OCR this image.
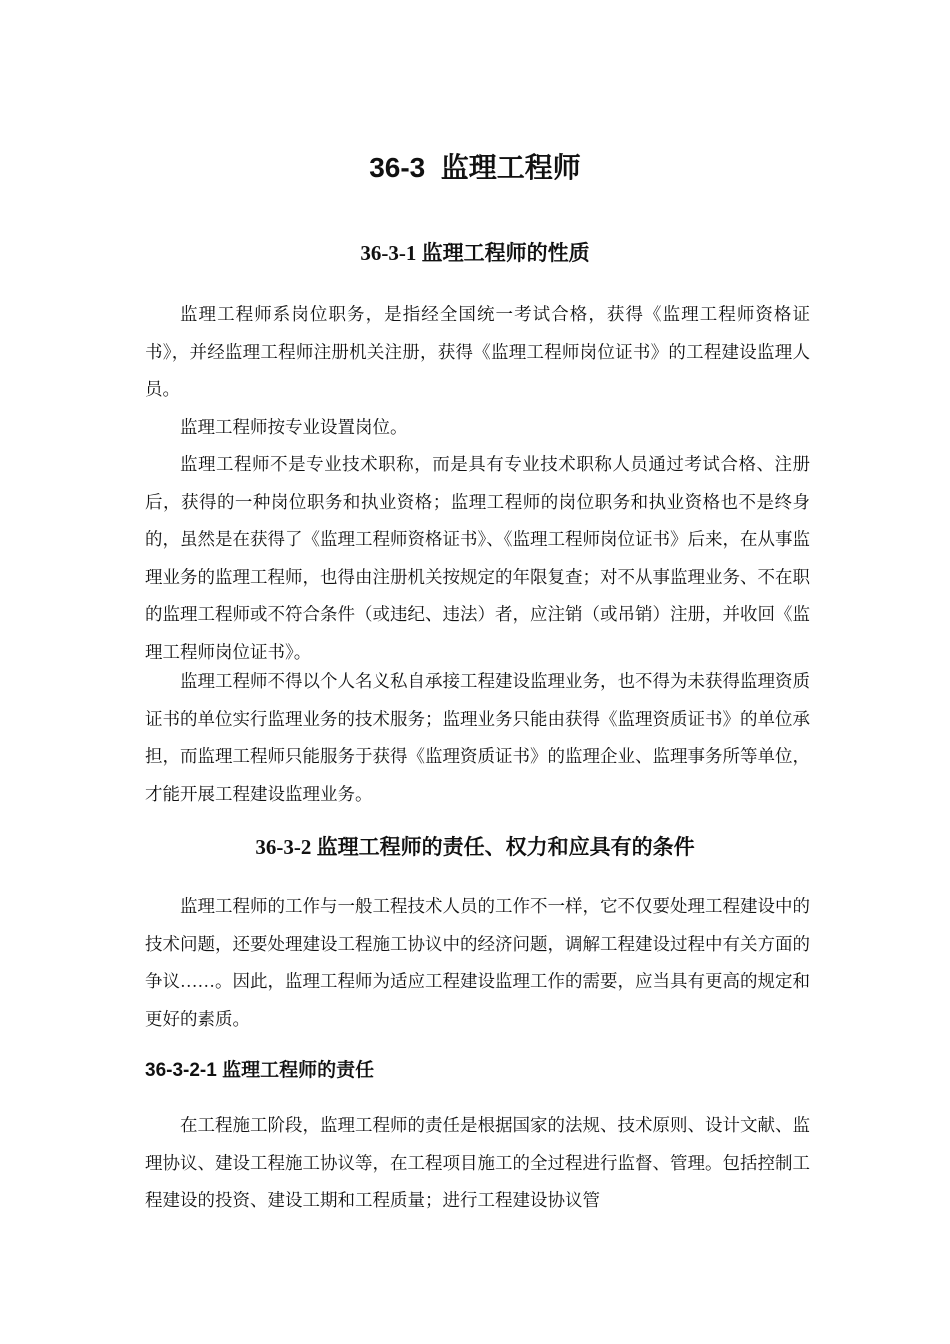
36-3  监理工程师
36-3-1 监理工程师的性质

监理工程师系岗位职务，是指经全国统一考试合格，获得《监理工程师资格证书》，并经监理工程师注册机关注册，获得《监理工程师岗位证书》的工程建设监理人员。

监理工程师按专业设置岗位。

监理工程师不是专业技术职称，而是具有专业技术职称人员通过考试合格、注册后，获得的一种岗位职务和执业资格；监理工程师的岗位职务和执业资格也不是终身的，虽然是在获得了《监理工程师资格证书》、《监理工程师岗位证书》后来，在从事监理业务的监理工程师，也得由注册机关按规定的年限复查；对不从事监理业务、不在职的监理工程师或不符合条件（或违纪、违法）者，应注销（或吊销）注册，并收回《监理工程师岗位证书》。

监理工程师不得以个人名义私自承接工程建设监理业务，也不得为未获得监理资质证书的单位实行监理业务的技术服务；监理业务只能由获得《监理资质证书》的单位承担，而监理工程师只能服务于获得《监理资质证书》的监理企业、监理事务所等单位，才能开展工程建设监理业务。

36-3-2 监理工程师的责任、权力和应具有的条件

监理工程师的工作与一般工程技术人员的工作不一样，它不仅要处理工程建设中的技术问题，还要处理建设工程施工协议中的经济问题，调解工程建设过程中有关方面的争议……。因此，监理工程师为适应工程建设监理工作的需要，应当具有更高的规定和更好的素质。

36-3-2-1 监理工程师的责任

在工程施工阶段，监理工程师的责任是根据国家的法规、技术原则、设计文献、监理协议、建设工程施工协议等，在工程项目施工的全过程进行监督、管理。包括控制工程建设的投资、建设工期和工程质量；进行工程建设协议管
